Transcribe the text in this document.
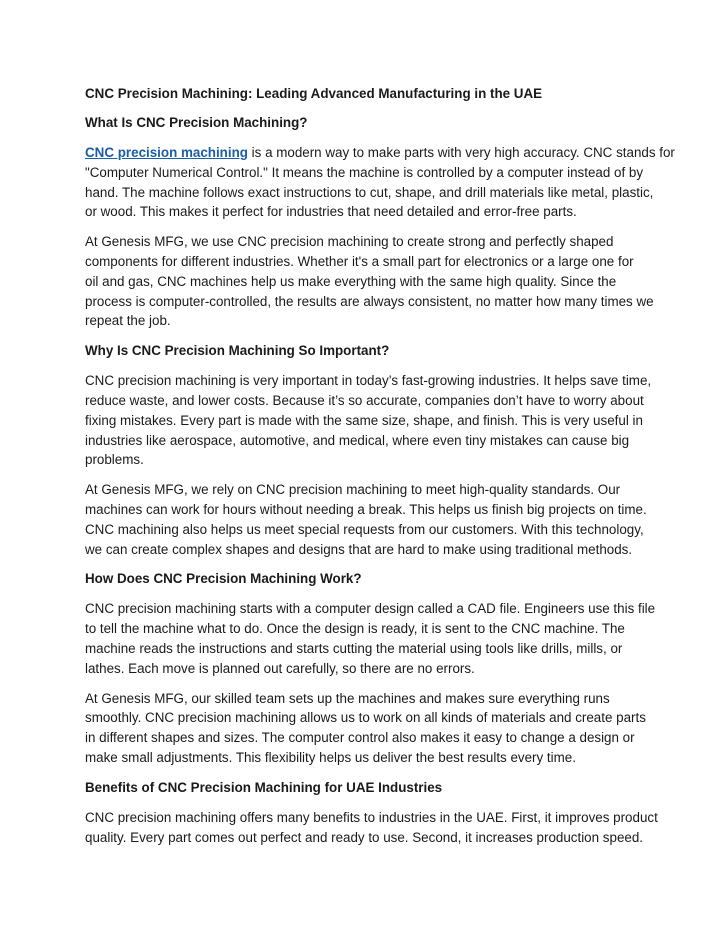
CNC Precision Machining: Leading Advanced Manufacturing in the UAE
What Is CNC Precision Machining?
CNC precision machining is a modern way to make parts with very high accuracy. CNC stands for
"Computer Numerical Control." It means the machine is controlled by a computer instead of by
hand. The machine follows exact instructions to cut, shape, and drill materials like metal, plastic,
or wood. This makes it perfect for industries that need detailed and error-free parts.
At Genesis MFG, we use CNC precision machining to create strong and perfectly shaped
components for different industries. Whether it's a small part for electronics or a large one for
oil and gas, CNC machines help us make everything with the same high quality. Since the
process is computer-controlled, the results are always consistent, no matter how many times we
repeat the job.
Why Is CNC Precision Machining So Important?
CNC precision machining is very important in today’s fast-growing industries. It helps save time,
reduce waste, and lower costs. Because it’s so accurate, companies don’t have to worry about
fixing mistakes. Every part is made with the same size, shape, and finish. This is very useful in
industries like aerospace, automotive, and medical, where even tiny mistakes can cause big
problems.
At Genesis MFG, we rely on CNC precision machining to meet high-quality standards. Our
machines can work for hours without needing a break. This helps us finish big projects on time.
CNC machining also helps us meet special requests from our customers. With this technology,
we can create complex shapes and designs that are hard to make using traditional methods.
How Does CNC Precision Machining Work?
CNC precision machining starts with a computer design called a CAD file. Engineers use this file
to tell the machine what to do. Once the design is ready, it is sent to the CNC machine. The
machine reads the instructions and starts cutting the material using tools like drills, mills, or
lathes. Each move is planned out carefully, so there are no errors.
At Genesis MFG, our skilled team sets up the machines and makes sure everything runs
smoothly. CNC precision machining allows us to work on all kinds of materials and create parts
in different shapes and sizes. The computer control also makes it easy to change a design or
make small adjustments. This flexibility helps us deliver the best results every time.
Benefits of CNC Precision Machining for UAE Industries
CNC precision machining offers many benefits to industries in the UAE. First, it improves product
quality. Every part comes out perfect and ready to use. Second, it increases production speed.
